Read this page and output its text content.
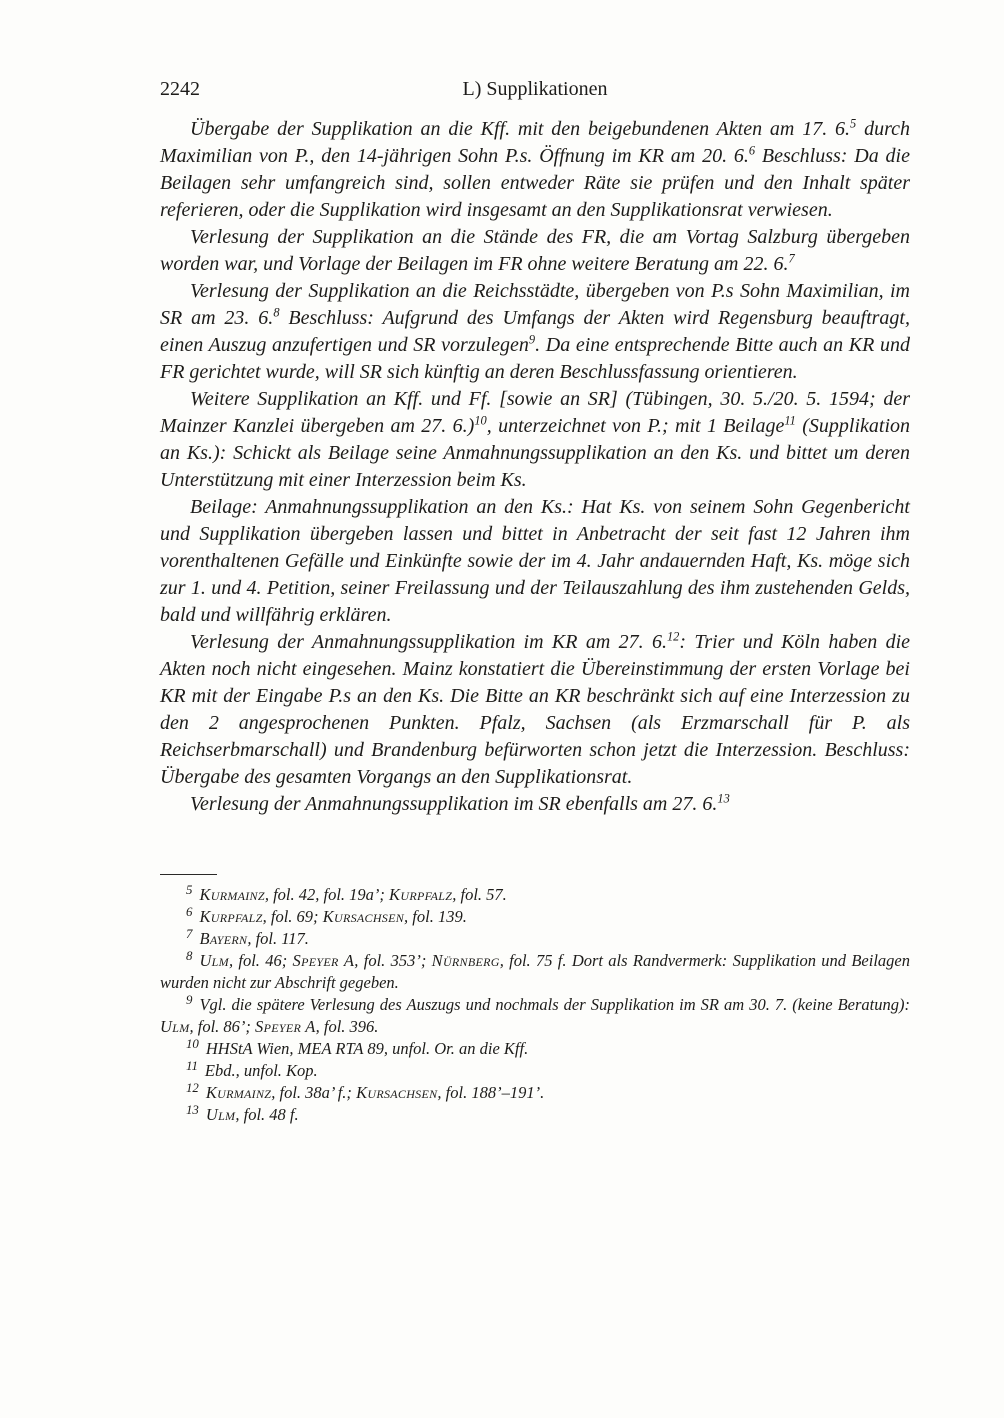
2242	L) Supplikationen

Übergabe der Supplikation an die Kff. mit den beigebundenen Akten am 17. 6.$^5$ durch Maximilian von P., den 14-jährigen Sohn P.s. Öffnung im KR am 20. 6.$^6$ Beschluss: Da die Beilagen sehr umfangreich sind, sollen entweder Räte sie prüfen und den Inhalt später referieren, oder die Supplikation wird insgesamt an den Supplikationsrat verwiesen.

Verlesung der Supplikation an die Stände des FR, die am Vortag Salzburg übergeben worden war, und Vorlage der Beilagen im FR ohne weitere Beratung am 22. 6.$^7$

Verlesung der Supplikation an die Reichsstädte, übergeben von P.s Sohn Maximilian, im SR am 23. 6.$^8$ Beschluss: Aufgrund des Umfangs der Akten wird Regensburg beauftragt, einen Auszug anzufertigen und SR vorzulegen$^9$. Da eine entsprechende Bitte auch an KR und FR gerichtet wurde, will SR sich künftig an deren Beschlussfassung orientieren.

Weitere Supplikation an Kff. und Ff. [sowie an SR] (Tübingen, 30. 5./20. 5. 1594; der Mainzer Kanzlei übergeben am 27. 6.)$^{10}$, unterzeichnet von P.; mit 1 Beilage$^{11}$ (Supplikation an Ks.): Schickt als Beilage seine Anmahnungssupplikation an den Ks. und bittet um deren Unterstützung mit einer Interzession beim Ks.

Beilage: Anmahnungssupplikation an den Ks.: Hat Ks. von seinem Sohn Gegenbericht und Supplikation übergeben lassen und bittet in Anbetracht der seit fast 12 Jahren ihm vorenthaltenen Gefälle und Einkünfte sowie der im 4. Jahr andauernden Haft, Ks. möge sich zur 1. und 4. Petition, seiner Freilassung und der Teilauszahlung des ihm zustehenden Gelds, bald und willfährig erklären.

Verlesung der Anmahnungssupplikation im KR am 27. 6.12: Trier und Köln haben die Akten noch nicht eingesehen. Mainz konstatiert die Übereinstimmung der ersten Vorlage bei KR mit der Eingabe P.s an den Ks. Die Bitte an KR beschränkt sich auf eine Interzession zu den 2 angesprochenen Punkten. Pfalz, Sachsen (als Erzmarschall für P. als Reichserbmarschall) und Brandenburg befürworten schon jetzt die Interzession. Beschluss: Übergabe des gesamten Vorgangs an den Supplikationsrat.

Verlesung der Anmahnungssupplikation im SR ebenfalls am 27. 6.13

$^5$ Kurmainz, fol. 42, fol. 19a’; Kurpfalz, fol. 57.

$^6$ Kurpfalz, fol. 69; Kursachsen, fol. 139.

$^7$ Bayern, fol. 117.

$^8$ Ulm, fol. 46; Speyer A, fol. 353’; Nürnberg, fol. 75 f. Dort als Randvermerk: Supplikation und Beilagen wurden nicht zur Abschrift gegeben.

$^9$ Vgl. die spätere Verlesung des Auszugs und nochmals der Supplikation im SR am 30. 7. (keine Beratung): Ulm, fol. 86’; Speyer A, fol. 396.

$^{10}$ HHStA Wien, MEA RTA 89, unfol. Or. an die Kff.

$^{11}$ Ebd., unfol. Kop.

$^{12}$ Kurmainz, fol. 38a’ f.; Kursachsen, fol. 188’–191’.

$^{13}$ Ulm, fol. 48 f.
